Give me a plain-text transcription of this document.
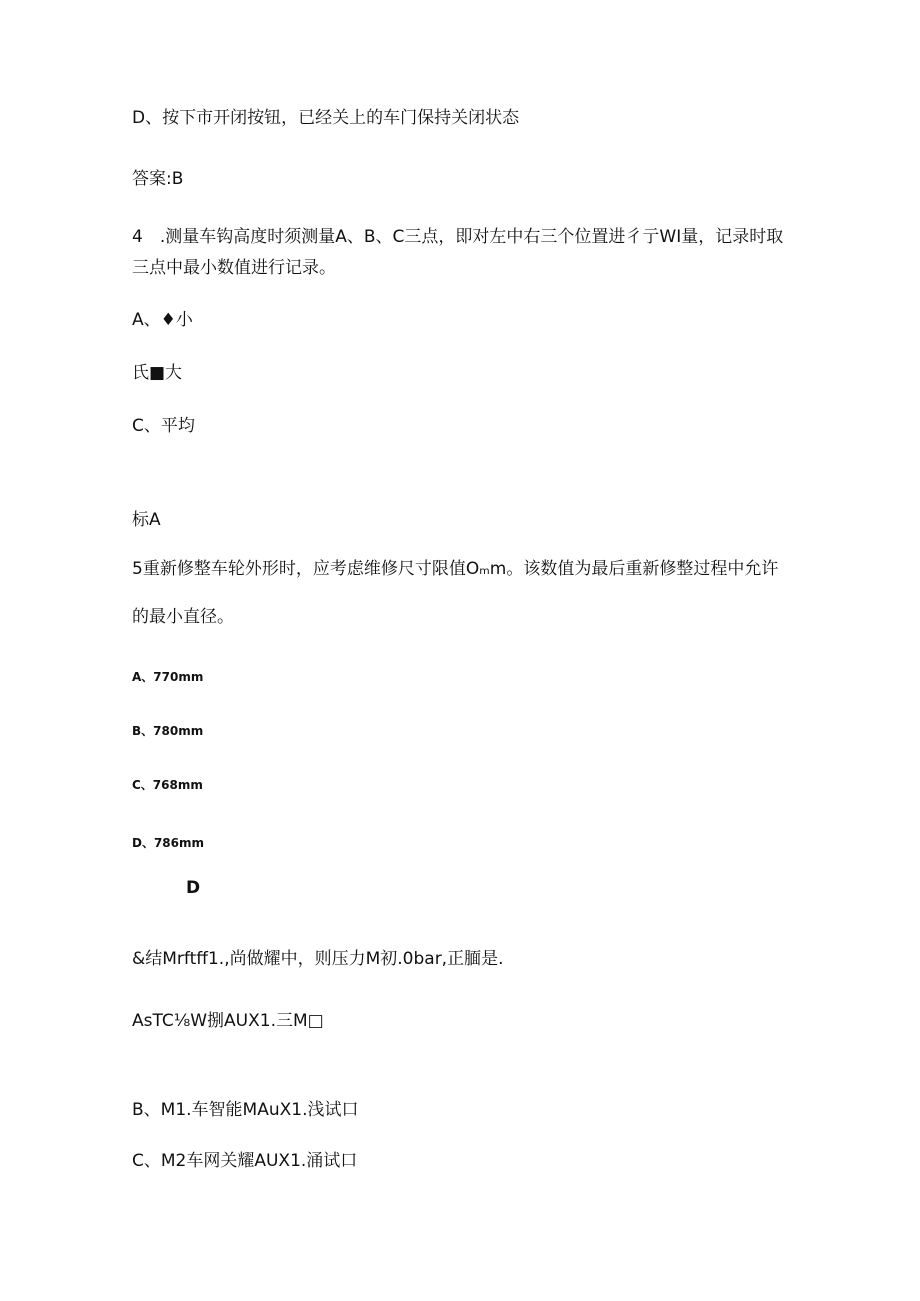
D、按下市开闭按钮，已经关上的车门保持关闭状态
答案:B
4　.测量车钩高度时须测量A、B、C三点，即对左中右三个位置进彳亍WI量，记录时取
三点中最小数值进行记录。
A、♦小
氏■大
C、平均
标A
5重新修整车轮外形时，应考虑维修尺寸限值Oₘm。该数值为最后重新修整过程中允许
的最小直径。
A、770mm
B、780mm
C、768mm
D、786mm
D
&结Mrftff1.,尚做耀中，则压力M初.0bar,正腼是.
AsTC⅛W捌AUX1.三M□
B、M1.车智能MAuX1.浅试口
C、M2车网关耀AUX1.涌试口
